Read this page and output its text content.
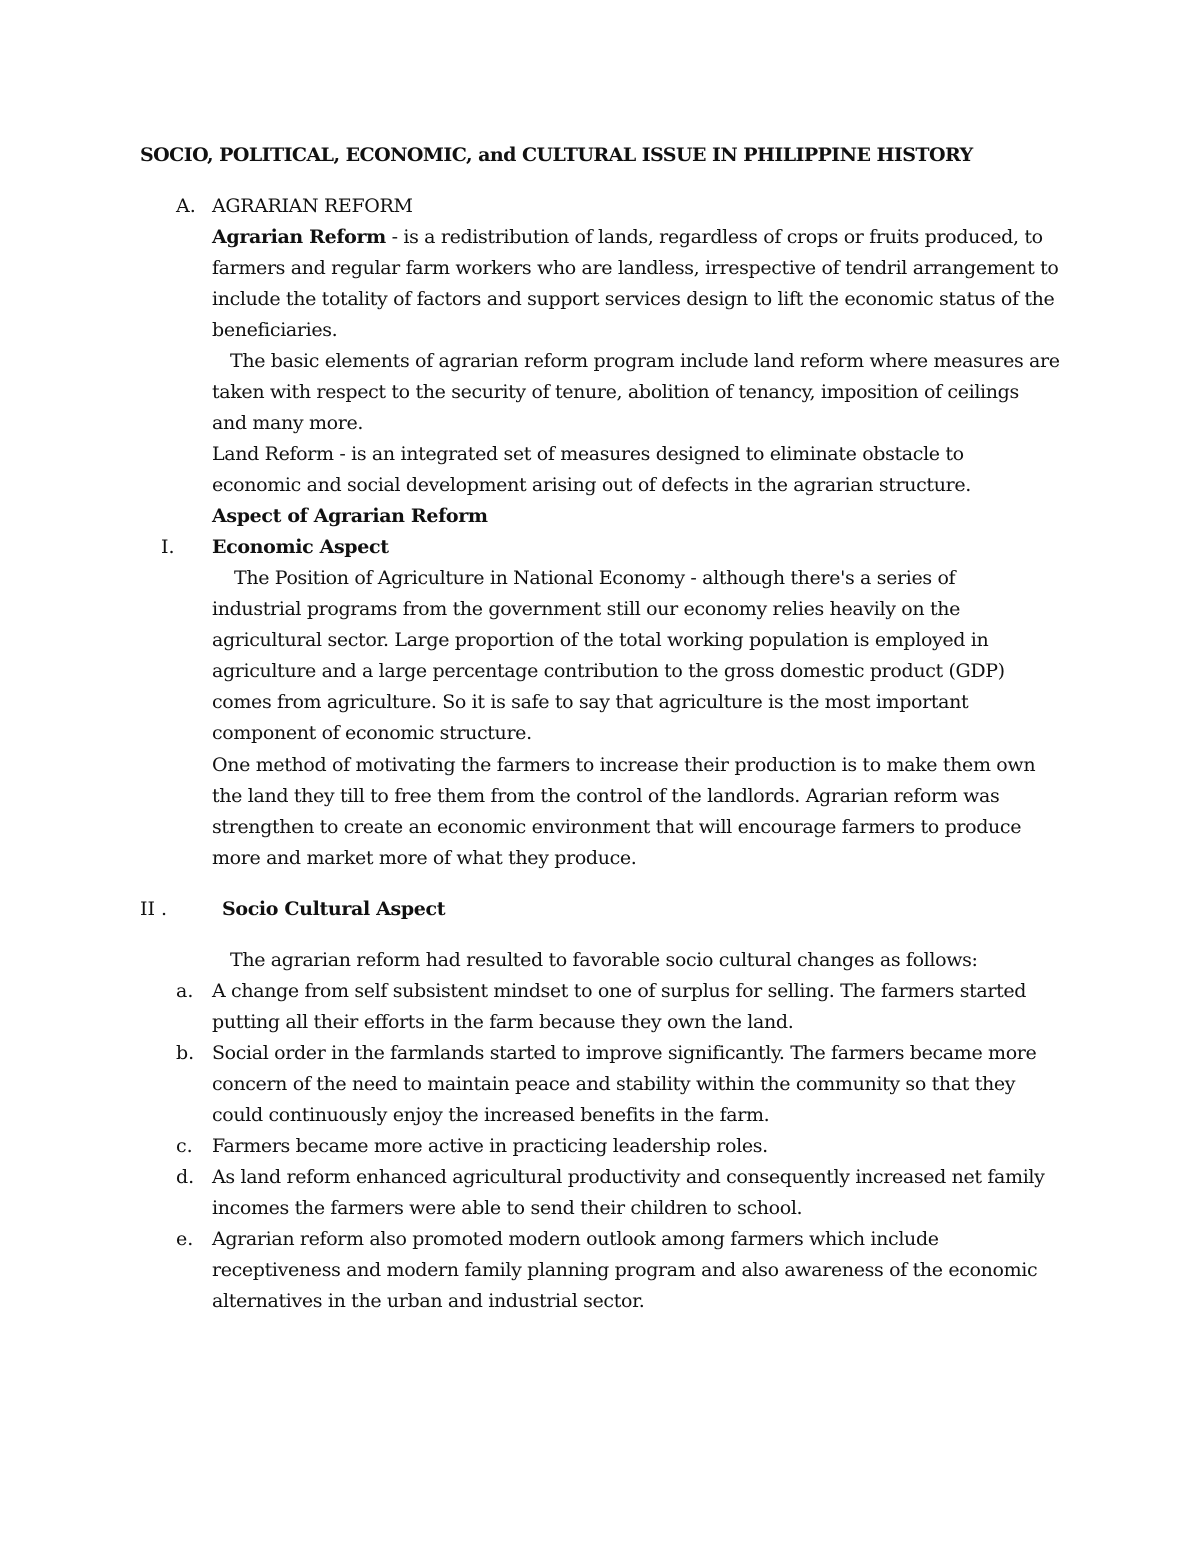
SOCIO, POLITICAL, ECONOMIC, and CULTURAL ISSUE IN PHILIPPINE HISTORY
A. AGRARIAN REFORM
Agrarian Reform - is a redistribution of lands, regardless of crops or fruits produced, to
farmers and regular farm workers who are landless, irrespective of tendril arrangement to
include the totality of factors and support services design to lift the economic status of the
beneficiaries.
The basic elements of agrarian reform program include land reform where measures are
taken with respect to the security of tenure, abolition of tenancy, imposition of ceilings
and many more.
Land Reform - is an integrated set of measures designed to eliminate obstacle to
economic and social development arising out of defects in the agrarian structure.
Aspect of Agrarian Reform
I. Economic Aspect
The Position of Agriculture in National Economy - although there's a series of
industrial programs from the government still our economy relies heavily on the
agricultural sector. Large proportion of the total working population is employed in
agriculture and a large percentage contribution to the gross domestic product (GDP)
comes from agriculture. So it is safe to say that agriculture is the most important
component of economic structure.
One method of motivating the farmers to increase their production is to make them own
the land they till to free them from the control of the landlords. Agrarian reform was
strengthen to create an economic environment that will encourage farmers to produce
more and market more of what they produce.
II .	Socio Cultural Aspect
The agrarian reform had resulted to favorable socio cultural changes as follows:
a. A change from self subsistent mindset to one of surplus for selling. The farmers started
putting all their efforts in the farm because they own the land.
b. Social order in the farmlands started to improve significantly. The farmers became more
concern of the need to maintain peace and stability within the community so that they
could continuously enjoy the increased benefits in the farm.
c. Farmers became more active in practicing leadership roles.
d. As land reform enhanced agricultural productivity and consequently increased net family
incomes the farmers were able to send their children to school.
e. Agrarian reform also promoted modern outlook among farmers which include
receptiveness and modern family planning program and also awareness of the economic
alternatives in the urban and industrial sector.
